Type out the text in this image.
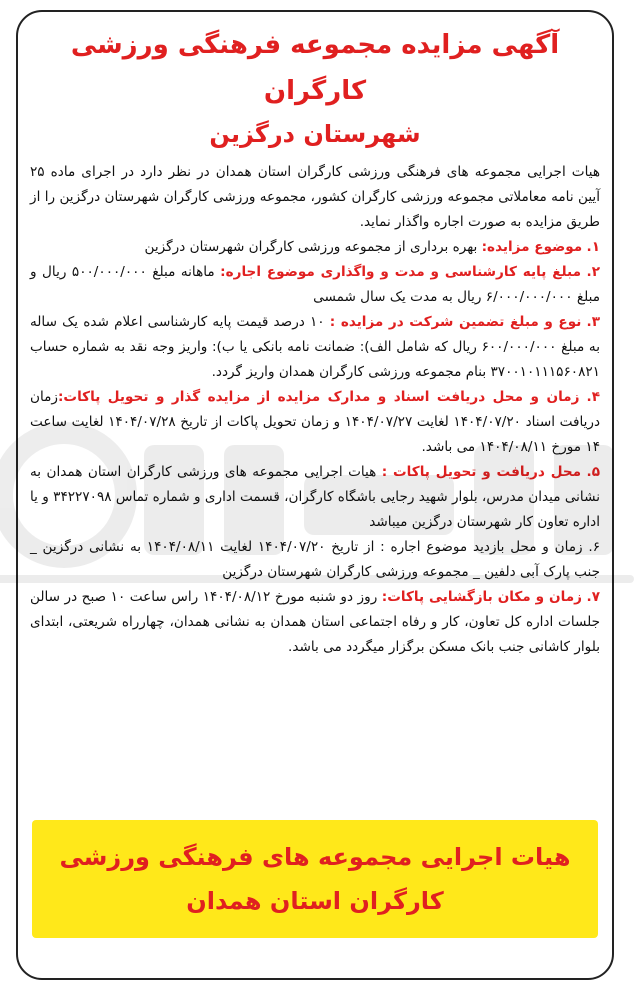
آگهی مزایده مجموعه فرهنگی ورزشی کارگران
شهرستان درگزین

هیات اجرایی مجموعه های فرهنگی ورزشی کارگران استان همدان در نظر دارد در اجرای ماده ۲۵ آیین نامه معاملاتی مجموعه ورزشی کارگران کشور، مجموعه ورزشی کارگران شهرستان درگزین را از طریق مزایده به صورت اجاره واگذار نماید.

۱. موضوع مزایده: بهره برداری از مجموعه ورزشی کارگران شهرستان درگزین

۲. مبلغ پایه کارشناسی و مدت و واگذاری موضوع اجاره: ماهانه مبلغ ۵۰۰/۰۰۰/۰۰۰ ریال و مبلغ ۶/۰۰۰/۰۰۰/۰۰۰ ریال به مدت یک سال شمسی

۳. نوع و مبلغ تضمین شرکت در مزایده : ۱۰ درصد قیمت پایه کارشناسی اعلام شده یک ساله به مبلغ ۶۰۰/۰۰۰/۰۰۰ ریال که شامل الف): ضمانت نامه بانکی یا ب): واریز وجه نقد به شماره حساب ۳۷۰۰۱۰۱۱۱۵۶۰۸۲۱ بنام مجموعه ورزشی کارگران همدان واریز گردد.

۴. زمان و محل دریافت اسناد و مدارک مزایده از مزایده گذار و تحویل پاکات:زمان دریافت اسناد ۱۴۰۴/۰۷/۲۰ لغایت ۱۴۰۴/۰۷/۲۷ و زمان تحویل پاکات از تاریخ ۱۴۰۴/۰۷/۲۸ لغایت ساعت ۱۴ مورخ ۱۴۰۴/۰۸/۱۱ می باشد.

۵. محل دریافت و تحویل پاکات : هیات اجرایی مجموعه های ورزشی کارگران استان همدان به نشانی میدان مدرس، بلوار شهید رجایی باشگاه کارگران، قسمت اداری و شماره تماس ۳۴۲۲۷۰۹۸ و یا اداره تعاون کار شهرستان درگزین میباشد

۶. زمان و محل بازدید موضوع اجاره : از تاریخ ۱۴۰۴/۰۷/۲۰ لغایت ۱۴۰۴/۰۸/۱۱ به نشانی درگزین _ جنب پارک آبی دلفین _ مجموعه ورزشی کارگران شهرستان درگزین

۷. زمان و مکان بازگشایی پاکات: روز دو شنبه مورخ ۱۴۰۴/۰۸/۱۲ راس ساعت ۱۰ صبح در سالن جلسات اداره کل تعاون، کار و رفاه اجتماعی استان همدان به نشانی همدان، چهارراه شریعتی، ابتدای بلوار کاشانی جنب بانک مسکن برگزار میگردد می باشد.

هیات اجرایی مجموعه های فرهنگی ورزشی
کارگران استان همدان
